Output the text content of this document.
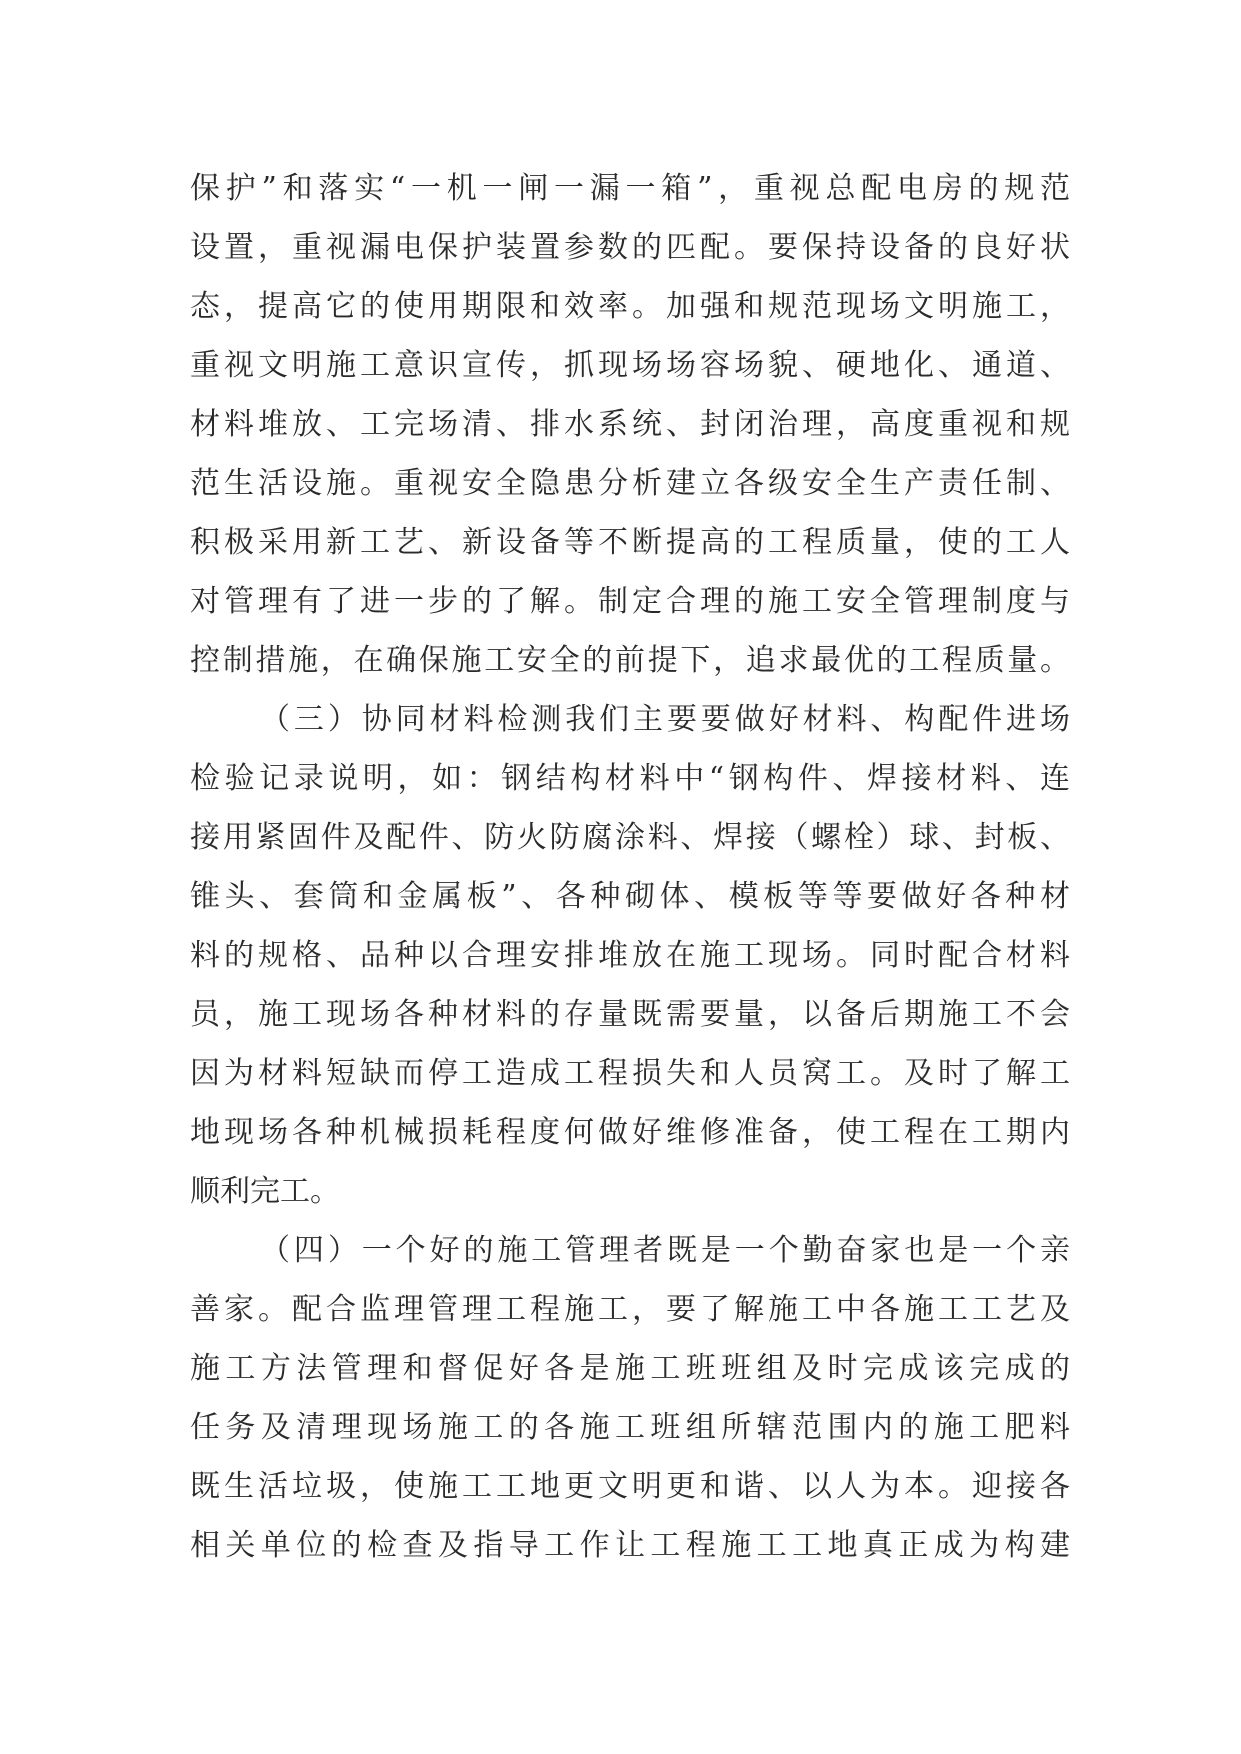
保护”和落实“一机一闸一漏一箱”，重视总配电房的规范
设置，重视漏电保护装置参数的匹配。要保持设备的良好状
态，提高它的使用期限和效率。加强和规范现场文明施工，
重视文明施工意识宣传，抓现场场容场貌、硬地化、通道、
材料堆放、工完场清、排水系统、封闭治理，高度重视和规
范生活设施。重视安全隐患分析建立各级安全生产责任制、
积极采用新工艺、新设备等不断提高的工程质量，使的工人
对管理有了进一步的了解。制定合理的施工安全管理制度与
控制措施，在确保施工安全的前提下，追求最优的工程质量。
（三）协同材料检测我们主要要做好材料、构配件进场
检验记录说明，如：钢结构材料中“钢构件、焊接材料、连
接用紧固件及配件、防火防腐涂料、焊接（螺栓）球、封板、
锥头、套筒和金属板”、各种砌体、模板等等要做好各种材
料的规格、品种以合理安排堆放在施工现场。同时配合材料
员，施工现场各种材料的存量既需要量，以备后期施工不会
因为材料短缺而停工造成工程损失和人员窝工。及时了解工
地现场各种机械损耗程度何做好维修准备，使工程在工期内
顺利完工。
（四）一个好的施工管理者既是一个勤奋家也是一个亲
善家。配合监理管理工程施工，要了解施工中各施工工艺及
施工方法管理和督促好各是施工班班组及时完成该完成的
任务及清理现场施工的各施工班组所辖范围内的施工肥料
既生活垃圾，使施工工地更文明更和谐、以人为本。迎接各
相关单位的检查及指导工作让工程施工工地真正成为构建
